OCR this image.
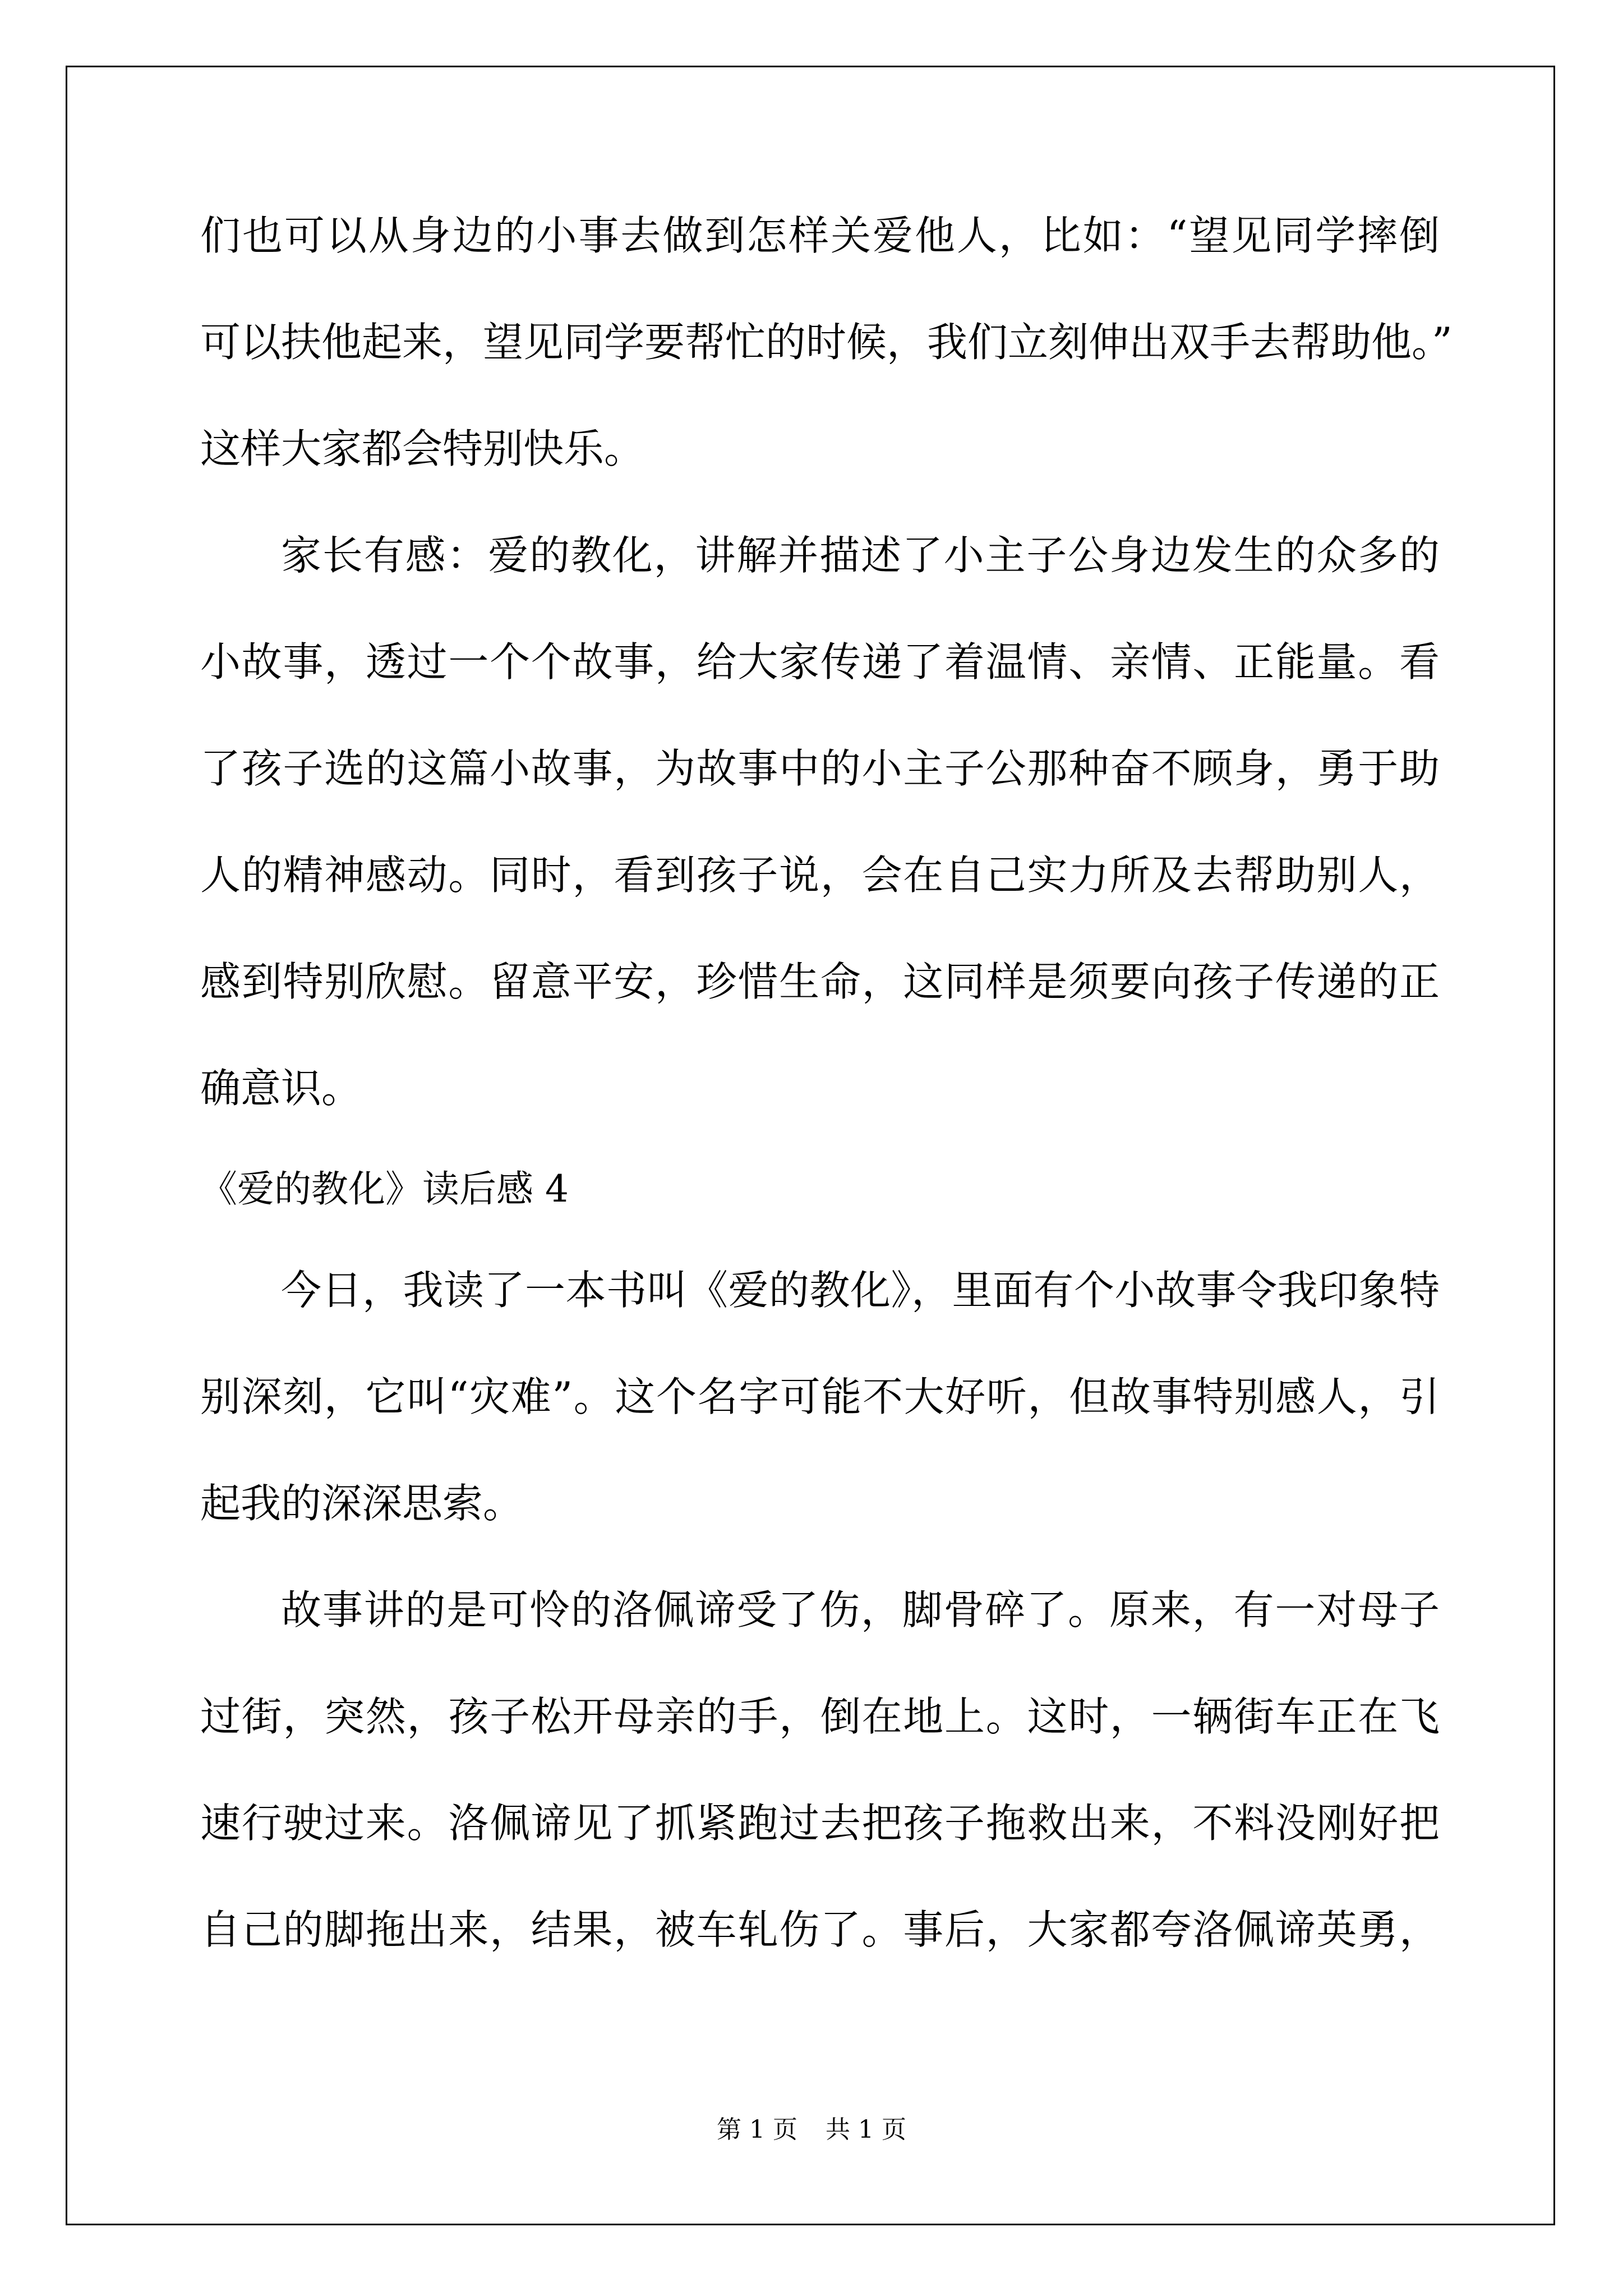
们也可以从身边的小事去做到怎样关爱他人，比如：“望见同学摔倒
可以扶他起来，望见同学要帮忙的时候，我们立刻伸出双手去帮助他。”
这样大家都会特别快乐。
家长有感：爱的教化，讲解并描述了小主子公身边发生的众多的
小故事，透过一个个故事，给大家传递了着温情、亲情、正能量。看
了孩子选的这篇小故事，为故事中的小主子公那种奋不顾身，勇于助
人的精神感动。同时，看到孩子说，会在自己实力所及去帮助别人，
感到特别欣慰。留意平安，珍惜生命，这同样是须要向孩子传递的正
确意识。
《爱的教化》读后感 4
今日，我读了一本书叫《爱的教化》，里面有个小故事令我印象特
别深刻，它叫“灾难”。这个名字可能不大好听，但故事特别感人，引
起我的深深思索。
故事讲的是可怜的洛佩谛受了伤，脚骨碎了。原来，有一对母子
过街，突然，孩子松开母亲的手，倒在地上。这时，一辆街车正在飞
速行驶过来。洛佩谛见了抓紧跑过去把孩子拖救出来，不料没刚好把
自己的脚拖出来，结果，被车轧伤了。事后，大家都夸洛佩谛英勇，
第 1 页 共 1 页
